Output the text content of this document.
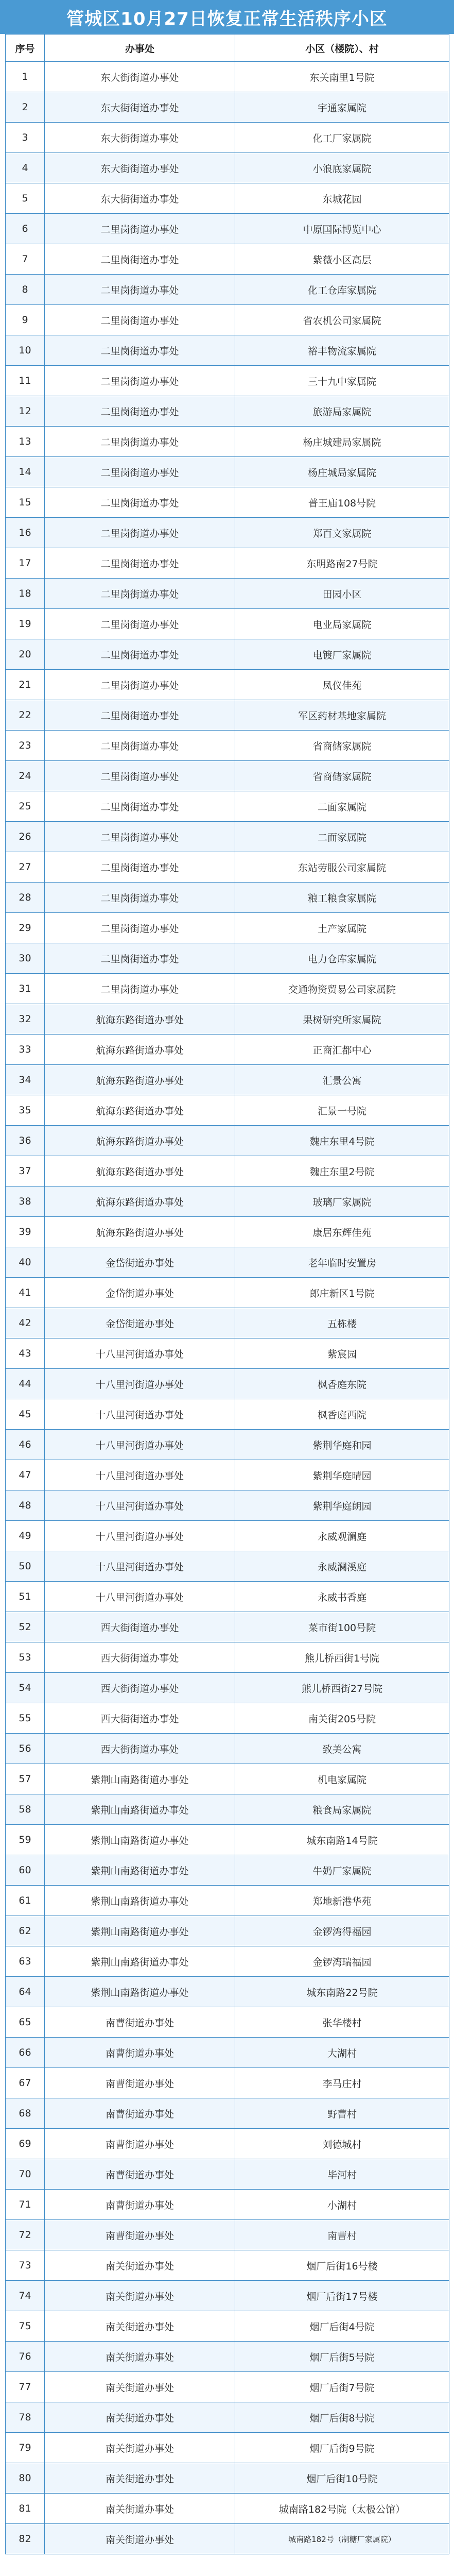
管城区10月27日恢复正常生活秩序小区
序号	办事处	小区（楼院）、村
1	东大街街道办事处	东关南里1号院
2	东大街街道办事处	宇通家属院
3	东大街街道办事处	化工厂家属院
4	东大街街道办事处	小浪底家属院
5	东大街街道办事处	东城花园
6	二里岗街道办事处	中原国际博览中心
7	二里岗街道办事处	紫薇小区高层
8	二里岗街道办事处	化工仓库家属院
9	二里岗街道办事处	省农机公司家属院
10	二里岗街道办事处	裕丰物流家属院
11	二里岗街道办事处	三十九中家属院
12	二里岗街道办事处	旅游局家属院
13	二里岗街道办事处	杨庄城建局家属院
14	二里岗街道办事处	杨庄城局家属院
15	二里岗街道办事处	普王庙108号院
16	二里岗街道办事处	郑百文家属院
17	二里岗街道办事处	东明路南27号院
18	二里岗街道办事处	田园小区
19	二里岗街道办事处	电业局家属院
20	二里岗街道办事处	电镀厂家属院
21	二里岗街道办事处	凤仪佳苑
22	二里岗街道办事处	军区药材基地家属院
23	二里岗街道办事处	省商储家属院
24	二里岗街道办事处	省商储家属院
25	二里岗街道办事处	二面家属院
26	二里岗街道办事处	二面家属院
27	二里岗街道办事处	东站劳服公司家属院
28	二里岗街道办事处	粮工粮食家属院
29	二里岗街道办事处	土产家属院
30	二里岗街道办事处	电力仓库家属院
31	二里岗街道办事处	交通物资贸易公司家属院
32	航海东路街道办事处	果树研究所家属院
33	航海东路街道办事处	正商汇都中心
34	航海东路街道办事处	汇景公寓
35	航海东路街道办事处	汇景一号院
36	航海东路街道办事处	魏庄东里4号院
37	航海东路街道办事处	魏庄东里2号院
38	航海东路街道办事处	玻璃厂家属院
39	航海东路街道办事处	康居东辉佳苑
40	金岱街道办事处	老年临时安置房
41	金岱街道办事处	郎庄新区1号院
42	金岱街道办事处	五栋楼
43	十八里河街道办事处	紫宸园
44	十八里河街道办事处	枫香庭东院
45	十八里河街道办事处	枫香庭西院
46	十八里河街道办事处	紫荆华庭和园
47	十八里河街道办事处	紫荆华庭晴园
48	十八里河街道办事处	紫荆华庭朗园
49	十八里河街道办事处	永威观澜庭
50	十八里河街道办事处	永威澜溪庭
51	十八里河街道办事处	永威书香庭
52	西大街街道办事处	菜市街100号院
53	西大街街道办事处	熊儿桥西街1号院
54	西大街街道办事处	熊儿桥西街27号院
55	西大街街道办事处	南关街205号院
56	西大街街道办事处	致美公寓
57	紫荆山南路街道办事处	机电家属院
58	紫荆山南路街道办事处	粮食局家属院
59	紫荆山南路街道办事处	城东南路14号院
60	紫荆山南路街道办事处	牛奶厂家属院
61	紫荆山南路街道办事处	郑地新港华苑
62	紫荆山南路街道办事处	金锣湾得福园
63	紫荆山南路街道办事处	金锣湾瑞福园
64	紫荆山南路街道办事处	城东南路22号院
65	南曹街道办事处	张华楼村
66	南曹街道办事处	大湖村
67	南曹街道办事处	李马庄村
68	南曹街道办事处	野曹村
69	南曹街道办事处	刘德城村
70	南曹街道办事处	毕河村
71	南曹街道办事处	小湖村
72	南曹街道办事处	南曹村
73	南关街道办事处	烟厂后街16号楼
74	南关街道办事处	烟厂后街17号楼
75	南关街道办事处	烟厂后街4号院
76	南关街道办事处	烟厂后街5号院
77	南关街道办事处	烟厂后街7号院
78	南关街道办事处	烟厂后街8号院
79	南关街道办事处	烟厂后街9号院
80	南关街道办事处	烟厂后街10号院
81	南关街道办事处	城南路182号院（太极公馆）
82	南关街道办事处	城南路182号（制糖厂家属院）
